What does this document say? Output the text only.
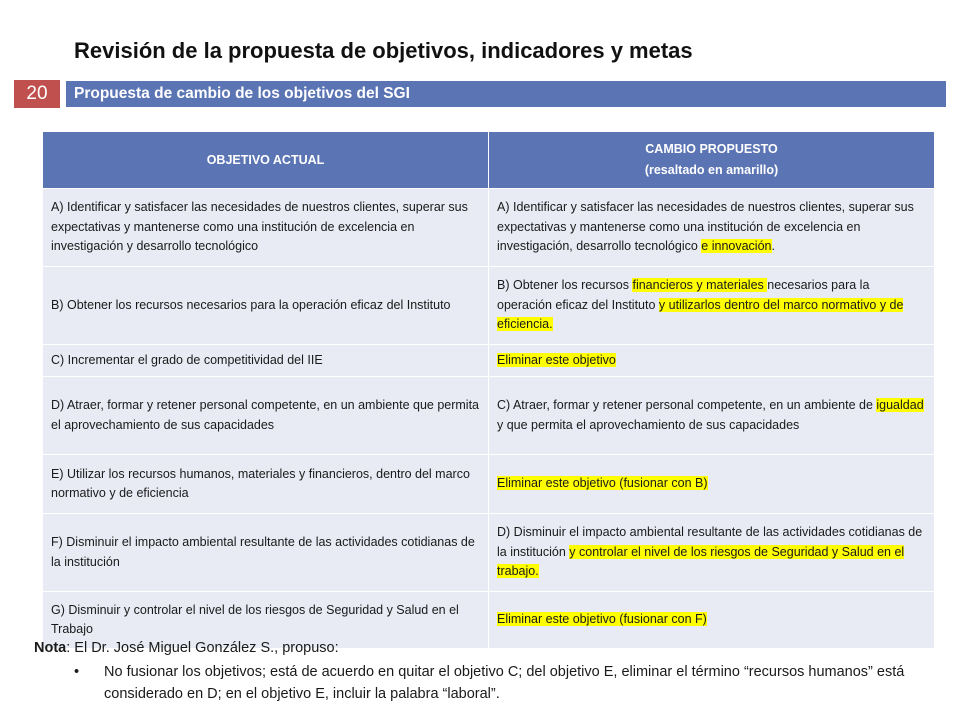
Revisión de la propuesta de objetivos, indicadores y metas
20	Propuesta de cambio de los objetivos del SGI
OBJETIVO ACTUAL	CAMBIO PROPUESTO
(resaltado en amarillo)

A) Identificar y satisfacer las necesidades de nuestros clientes, superar sus expectativas y mantenerse como una institución de excelencia en investigación y desarrollo tecnológico	A) Identificar y satisfacer las necesidades de nuestros clientes, superar sus expectativas y mantenerse como una institución de excelencia en investigación, desarrollo tecnológico e innovación.
B) Obtener los recursos necesarios para la operación eficaz del Instituto	B) Obtener los recursos financieros y materiales necesarios para la operación eficaz del Instituto y utilizarlos dentro del marco normativo y de eficiencia.
C) Incrementar el grado de competitividad del IIE	Eliminar este objetivo
D) Atraer, formar y retener personal competente, en un ambiente que permita el aprovechamiento de sus capacidades	C) Atraer, formar y retener personal competente, en un ambiente de igualdad y que permita el aprovechamiento de sus capacidades
E) Utilizar los recursos humanos, materiales y financieros, dentro del marco normativo y de eficiencia	Eliminar este objetivo (fusionar con B)
F) Disminuir el impacto ambiental resultante de las actividades cotidianas de la institución	D) Disminuir el impacto ambiental resultante de las actividades cotidianas de la institución y controlar el nivel de los riesgos de Seguridad y Salud en el trabajo.
G) Disminuir y controlar el nivel de los riesgos de Seguridad y Salud en el Trabajo	Eliminar este objetivo (fusionar con F)
Nota: El Dr. José Miguel González S., propuso:
• No fusionar los objetivos; está de acuerdo en quitar el objetivo C; del objetivo E, eliminar el término “recursos humanos” está considerado en D; en el objetivo E, incluir la palabra “laboral”.
